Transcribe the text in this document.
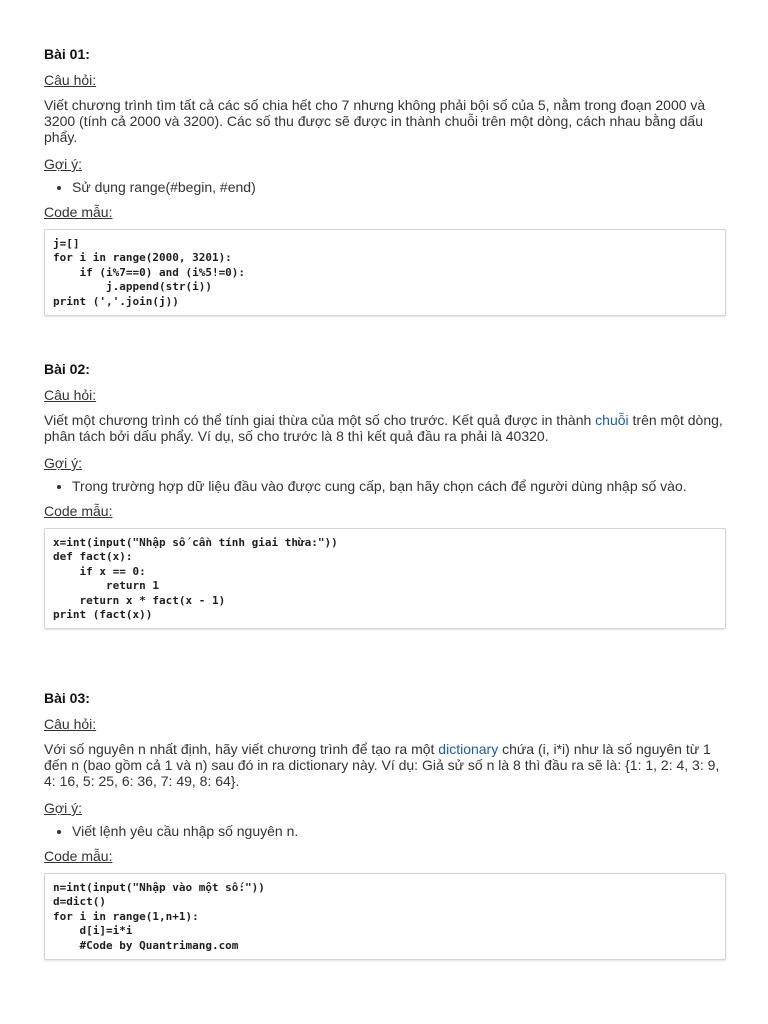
Bài 01:

Câu hỏi:

Viết chương trình tìm tất cả các số chia hết cho 7 nhưng không phải bội số của 5, nằm trong đoạn 2000 và 3200 (tính cả 2000 và 3200). Các số thu được sẽ được in thành chuỗi trên một dòng, cách nhau bằng dấu phẩy.

Gợi ý:

• Sử dụng range(#begin, #end)

Code mẫu:

j=[]
for i in range(2000, 3201):
if (i%7==0) and (i%5!=0):
j.append(str(i))
print (','.join(j))
Bài 02:

Câu hỏi:

Viết một chương trình có thể tính giai thừa của một số cho trước. Kết quả được in thành chuỗi trên một dòng, phân tách bởi dấu phẩy. Ví dụ, số cho trước là 8 thì kết quả đầu ra phải là 40320.

Gợi ý:

• Trong trường hợp dữ liệu đầu vào được cung cấp, bạn hãy chọn cách để người dùng nhập số vào.

Code mẫu:

x=int(input("Nhập số cần tính giai thừa:"))
def fact(x):
if x == 0:
return 1
return x * fact(x - 1)
print (fact(x))
Bài 03:

Câu hỏi:

Với số nguyên n nhất định, hãy viết chương trình để tạo ra một dictionary chứa (i, i*i) như là số nguyên từ 1 đến n (bao gồm cả 1 và n) sau đó in ra dictionary này. Ví dụ: Giả sử số n là 8 thì đầu ra sẽ là: {1: 1, 2: 4, 3: 9, 4: 16, 5: 25, 6: 36, 7: 49, 8: 64}.

Gợi ý:

• Viết lệnh yêu cầu nhập số nguyên n.

Code mẫu:

n=int(input("Nhập vào một số:"))
d=dict()
for i in range(1,n+1):
d[i]=i*i
#Code by Quantrimang.com
